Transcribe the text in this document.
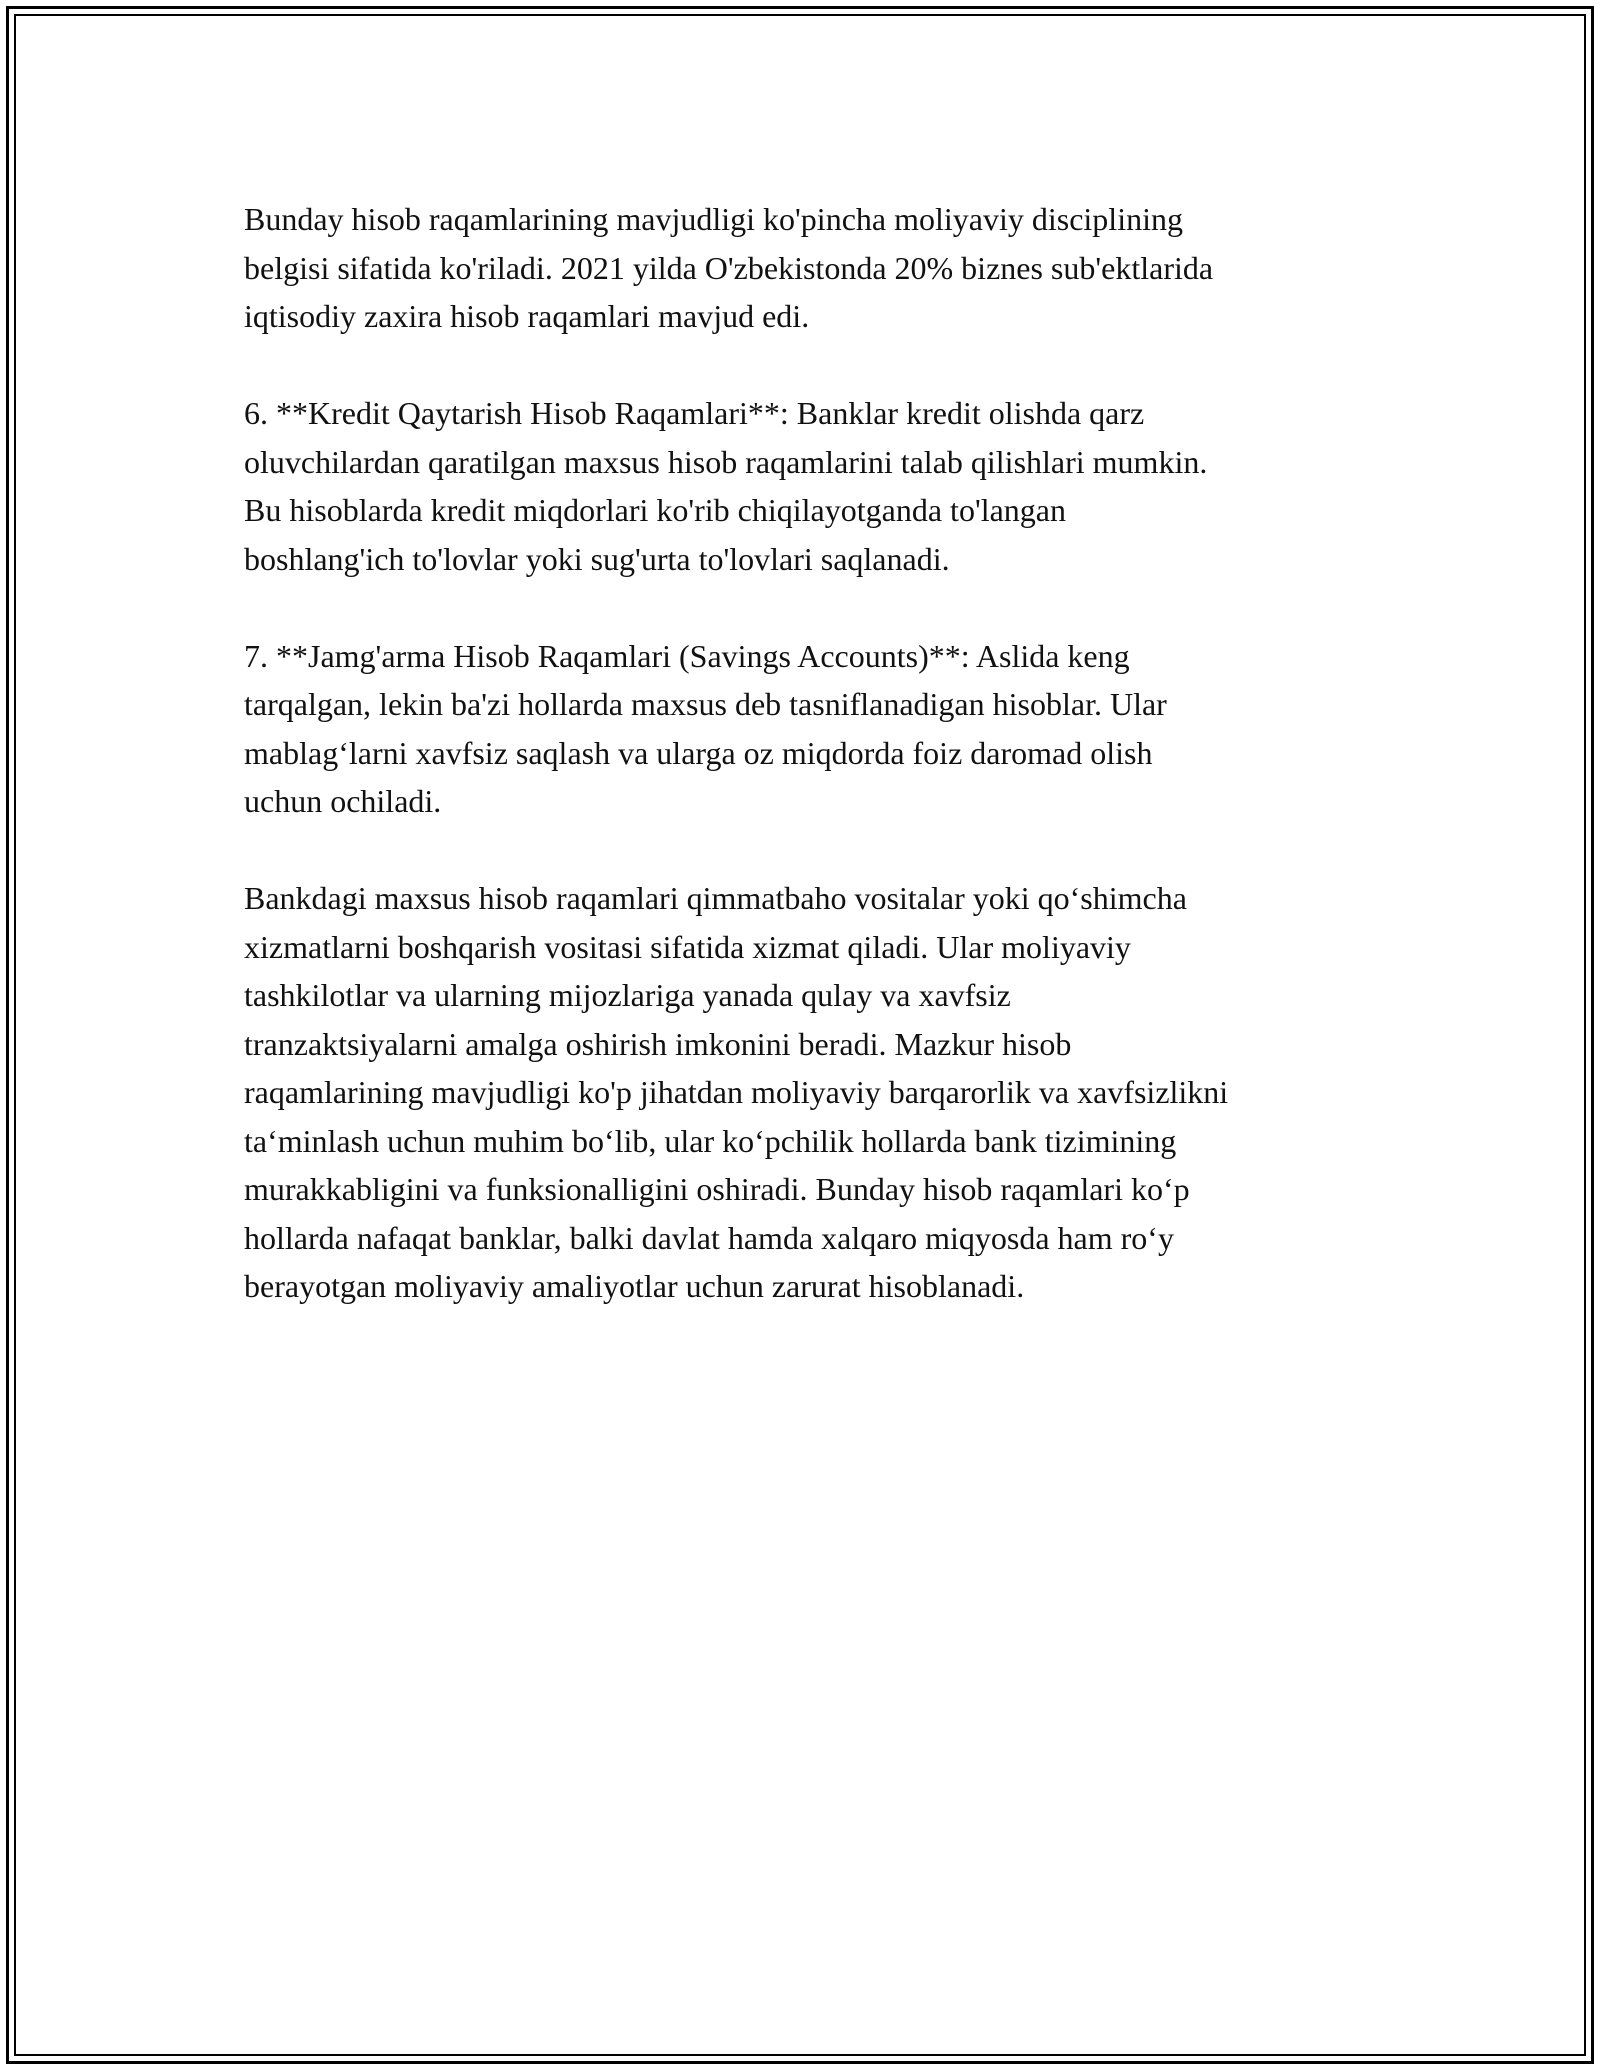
Bunday hisob raqamlarining mavjudligi ko'pincha moliyaviy disciplining
belgisi sifatida ko'riladi. 2021 yilda O'zbekistonda 20% biznes sub'ektlarida
iqtisodiy zaxira hisob raqamlari mavjud edi.

6. **Kredit Qaytarish Hisob Raqamlari**: Banklar kredit olishda qarz
oluvchilardan qaratilgan maxsus hisob raqamlarini talab qilishlari mumkin.
Bu hisoblarda kredit miqdorlari ko'rib chiqilayotganda to'langan
boshlang'ich to'lovlar yoki sug'urta to'lovlari saqlanadi.

7. **Jamg'arma Hisob Raqamlari (Savings Accounts)**: Aslida keng
tarqalgan, lekin ba'zi hollarda maxsus deb tasniflanadigan hisoblar. Ular
mablag‘larni xavfsiz saqlash va ularga oz miqdorda foiz daromad olish
uchun ochiladi.

Bankdagi maxsus hisob raqamlari qimmatbaho vositalar yoki qo‘shimcha
xizmatlarni boshqarish vositasi sifatida xizmat qiladi. Ular moliyaviy
tashkilotlar va ularning mijozlariga yanada qulay va xavfsiz
tranzaktsiyalarni amalga oshirish imkonini beradi. Mazkur hisob
raqamlarining mavjudligi ko'p jihatdan moliyaviy barqarorlik va xavfsizlikni
ta‘minlash uchun muhim bo‘lib, ular ko‘pchilik hollarda bank tizimining
murakkabligini va funksionalligini oshiradi. Bunday hisob raqamlari ko‘p
hollarda nafaqat banklar, balki davlat hamda xalqaro miqyosda ham ro‘y
berayotgan moliyaviy amaliyotlar uchun zarurat hisoblanadi.
